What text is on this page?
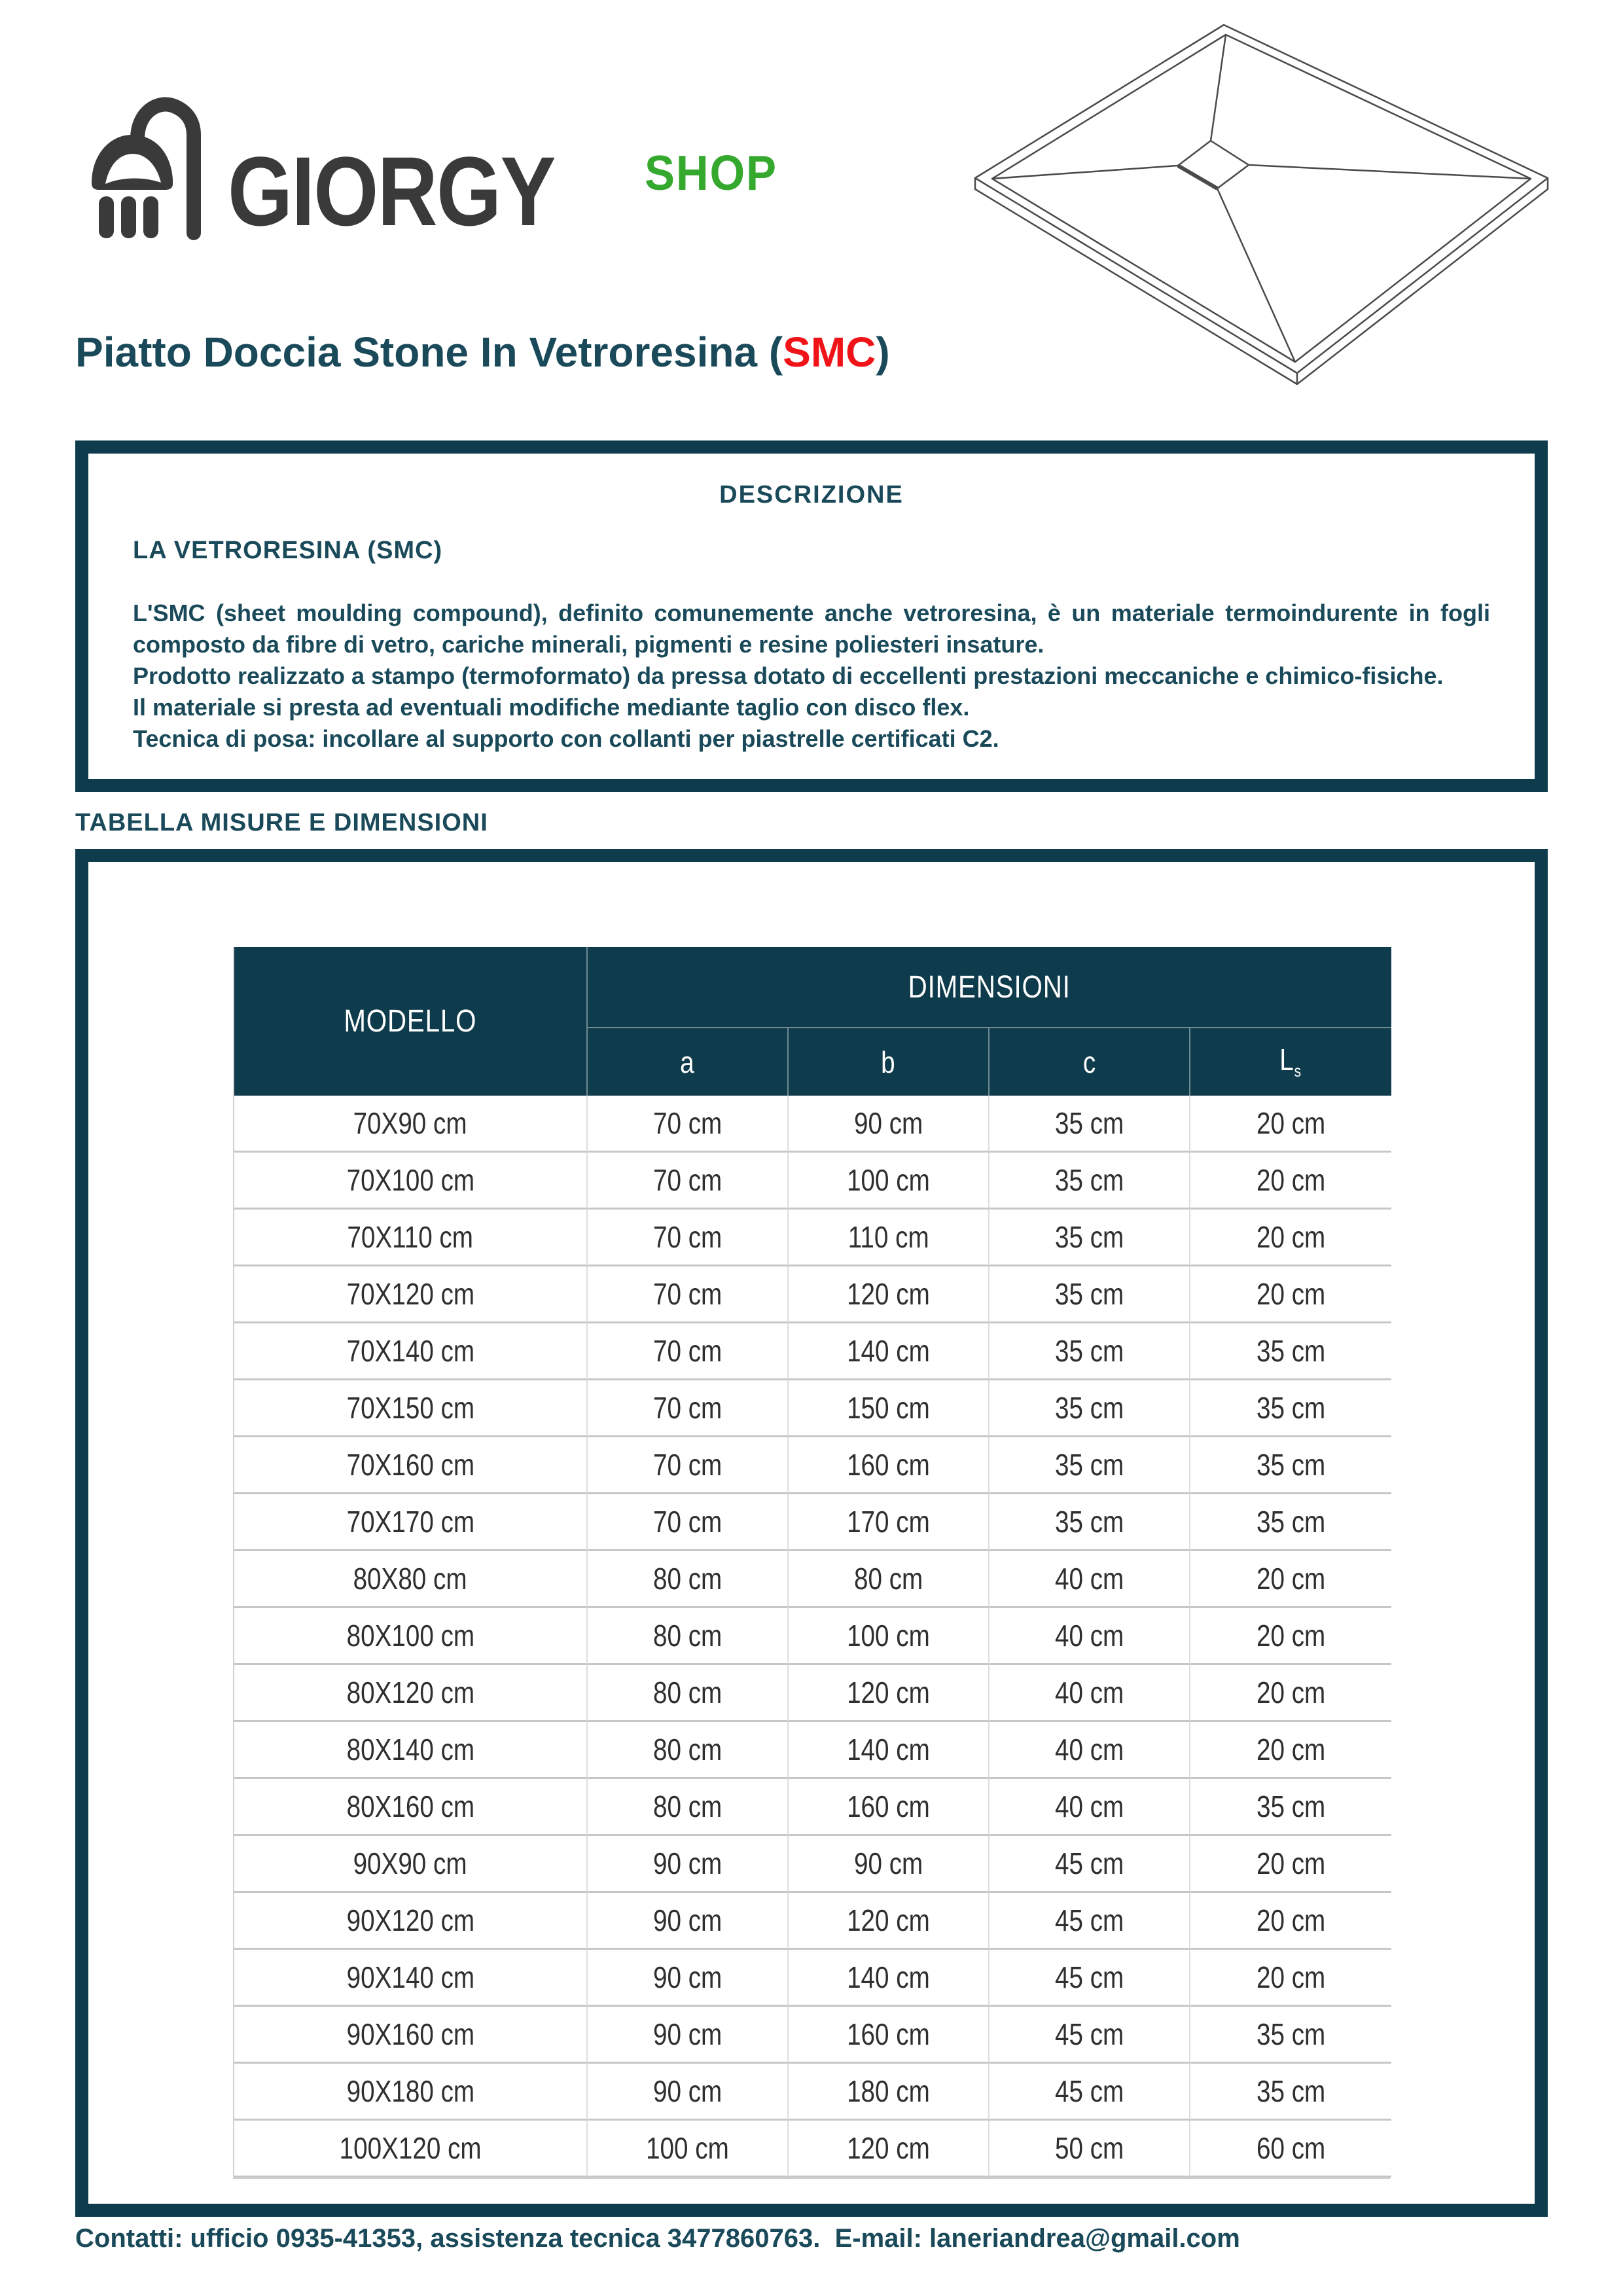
GIORGY SHOP
Piatto Doccia Stone In Vetroresina (SMC)
DESCRIZIONE
LA VETRORESINA (SMC)

L'SMC (sheet moulding compound), definito comunemente anche vetroresina, è un materiale termoindurente in fogli composto da fibre di vetro, cariche minerali, pigmenti e resine poliesteri insature.

Prodotto realizzato a stampo (termoformato) da pressa dotato di eccellenti prestazioni meccaniche e chimico-fisiche.

Il materiale si presta ad eventuali modifiche mediante taglio con disco flex.

Tecnica di posa: incollare al supporto con collanti per piastrelle certificati C2.

TABELLA MISURE E DIMENSIONI
MODELLO
DIMENSIONI
a	b	c	$L_s$
70X90 cm	70 cm	90 cm	35 cm	20 cm
70X100 cm	70 cm	100 cm	35 cm	20 cm
70X110 cm	70 cm	110 cm	35 cm	20 cm
70X120 cm	70 cm	120 cm	35 cm	20 cm
70X140 cm	70 cm	140 cm	35 cm	35 cm
70X150 cm	70 cm	150 cm	35 cm	35 cm
70X160 cm	70 cm	160 cm	35 cm	35 cm
70X170 cm	70 cm	170 cm	35 cm	35 cm
80X80 cm	80 cm	80 cm	40 cm	20 cm
80X100 cm	80 cm	100 cm	40 cm	20 cm
80X120 cm	80 cm	120 cm	40 cm	20 cm
80X140 cm	80 cm	140 cm	40 cm	20 cm
80X160 cm	80 cm	160 cm	40 cm	35 cm
90X90 cm	90 cm	90 cm	45 cm	20 cm
90X120 cm	90 cm	120 cm	45 cm	20 cm
90X140 cm	90 cm	140 cm	45 cm	20 cm
90X160 cm	90 cm	160 cm	45 cm	35 cm
90X180 cm	90 cm	180 cm	45 cm	35 cm
100X120 cm	100 cm	120 cm	50 cm	60 cm
Contatti: ufficio 0935-41353, assistenza tecnica 3477860763.  E-mail: laneriandrea@gmail.com
